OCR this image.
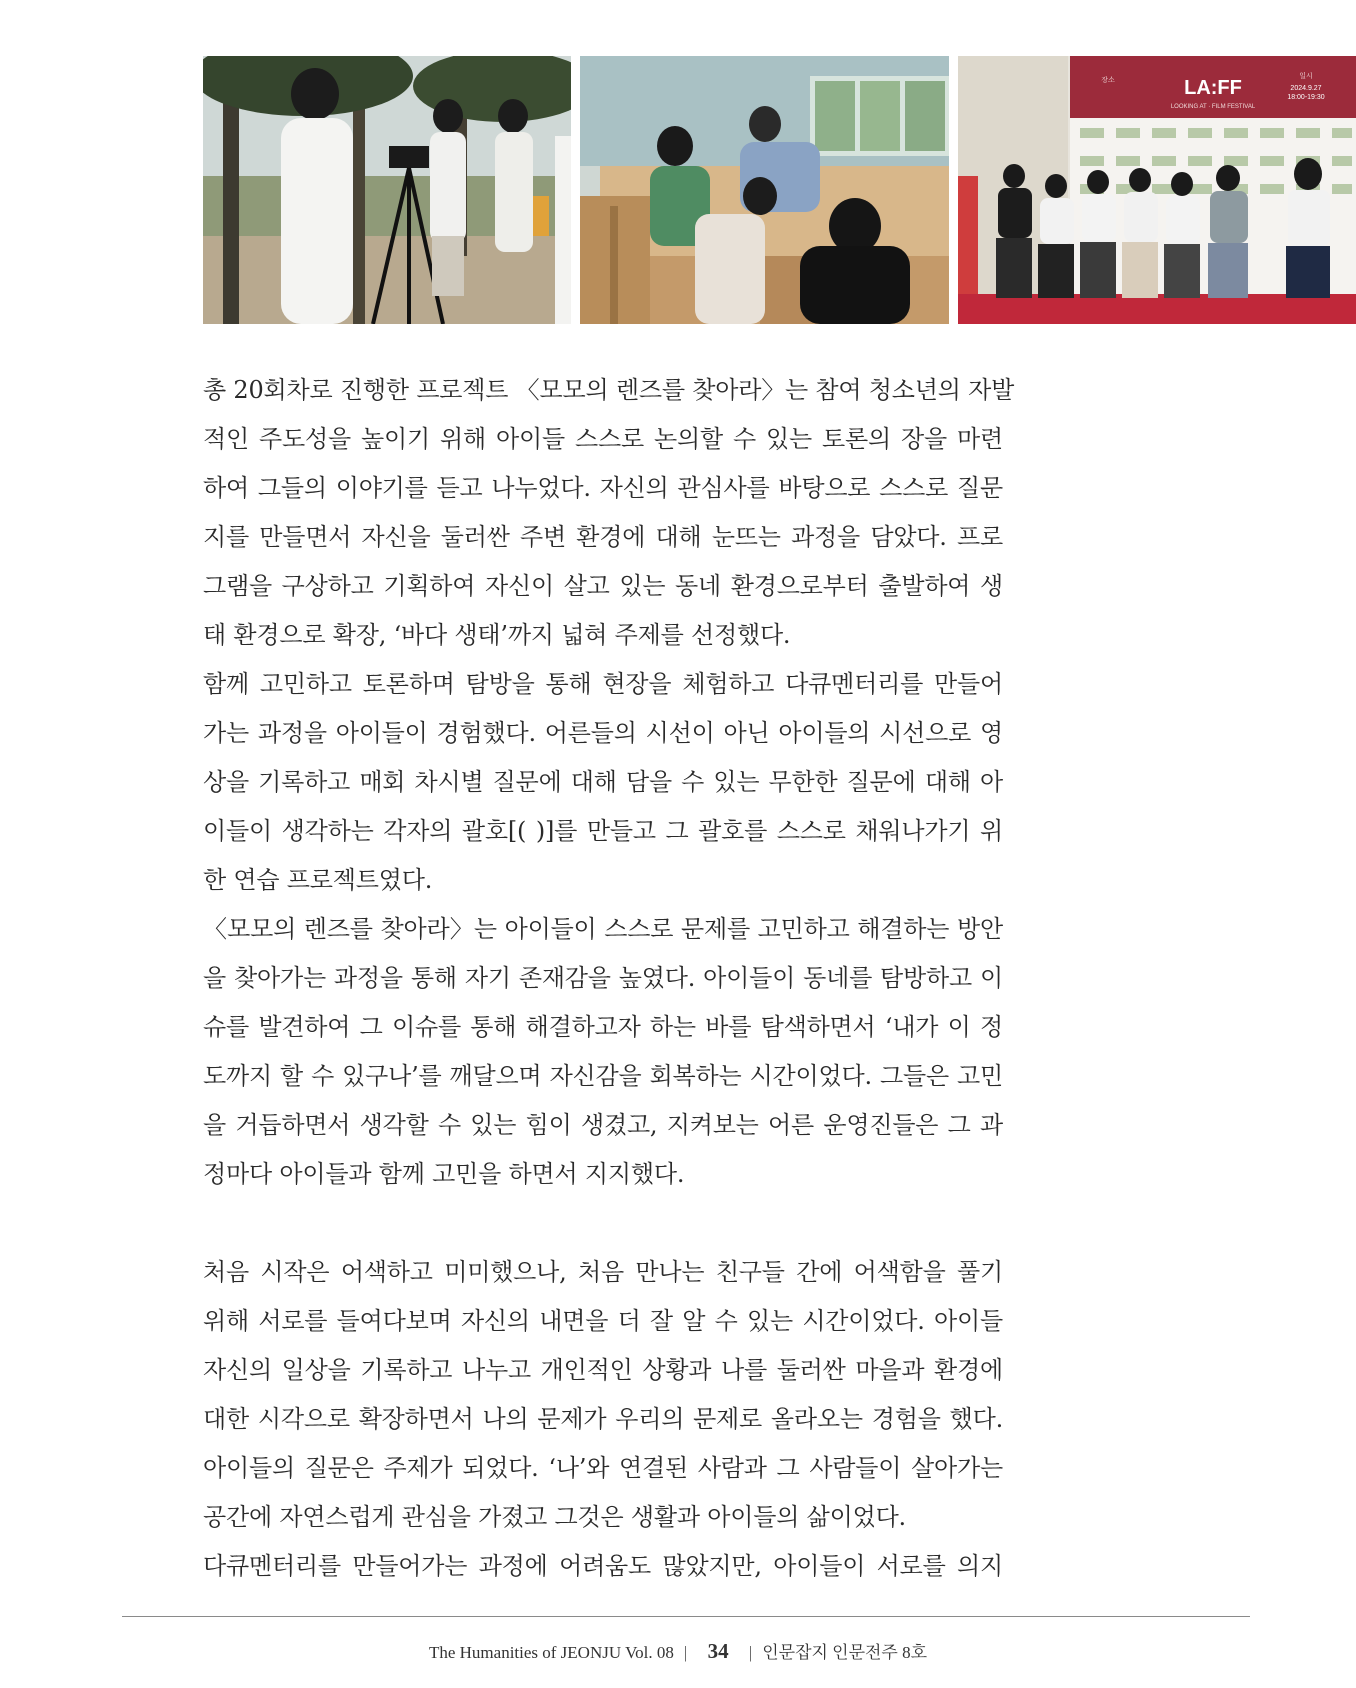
LA:FF
LOOKING AT · FILM FESTIVAL
장소	일시
2024.9.27
18:00-19:30
총 20회차로 진행한 프로젝트 〈모모의 렌즈를 찾아라〉는 참여 청소년의 자발
적인 주도성을 높이기 위해 아이들 스스로 논의할 수 있는 토론의 장을 마련
하여 그들의 이야기를 듣고 나누었다. 자신의 관심사를 바탕으로 스스로 질문
지를 만들면서 자신을 둘러싼 주변 환경에 대해 눈뜨는 과정을 담았다. 프로
그램을 구상하고 기획하여 자신이 살고 있는 동네 환경으로부터 출발하여 생
태 환경으로 확장, ‘바다 생태’까지 넓혀 주제를 선정했다.
함께 고민하고 토론하며 탐방을 통해 현장을 체험하고 다큐멘터리를 만들어
가는 과정을 아이들이 경험했다. 어른들의 시선이 아닌 아이들의 시선으로 영
상을 기록하고 매회 차시별 질문에 대해 담을 수 있는 무한한 질문에 대해 아
이들이 생각하는 각자의 괄호[( )]를 만들고 그 괄호를 스스로 채워나가기 위
한 연습 프로젝트였다.
〈모모의 렌즈를 찾아라〉는 아이들이 스스로 문제를 고민하고 해결하는 방안
을 찾아가는 과정을 통해 자기 존재감을 높였다. 아이들이 동네를 탐방하고 이
슈를 발견하여 그 이슈를 통해 해결하고자 하는 바를 탐색하면서 ‘내가 이 정
도까지 할 수 있구나’를 깨달으며 자신감을 회복하는 시간이었다. 그들은 고민
을 거듭하면서 생각할 수 있는 힘이 생겼고, 지켜보는 어른 운영진들은 그 과
정마다 아이들과 함께 고민을 하면서 지지했다.
처음 시작은 어색하고 미미했으나, 처음 만나는 친구들 간에 어색함을 풀기
위해 서로를 들여다보며 자신의 내면을 더 잘 알 수 있는 시간이었다. 아이들
자신의 일상을 기록하고 나누고 개인적인 상황과 나를 둘러싼 마을과 환경에
대한 시각으로 확장하면서 나의 문제가 우리의 문제로 올라오는 경험을 했다.
아이들의 질문은 주제가 되었다. ‘나’와 연결된 사람과 그 사람들이 살아가는
공간에 자연스럽게 관심을 가졌고 그것은 생활과 아이들의 삶이었다.
다큐멘터리를 만들어가는 과정에 어려움도 많았지만, 아이들이 서로를 의지
The Humanities of JEONJU Vol. 08 | 34 | 인문잡지 인문전주 8호
